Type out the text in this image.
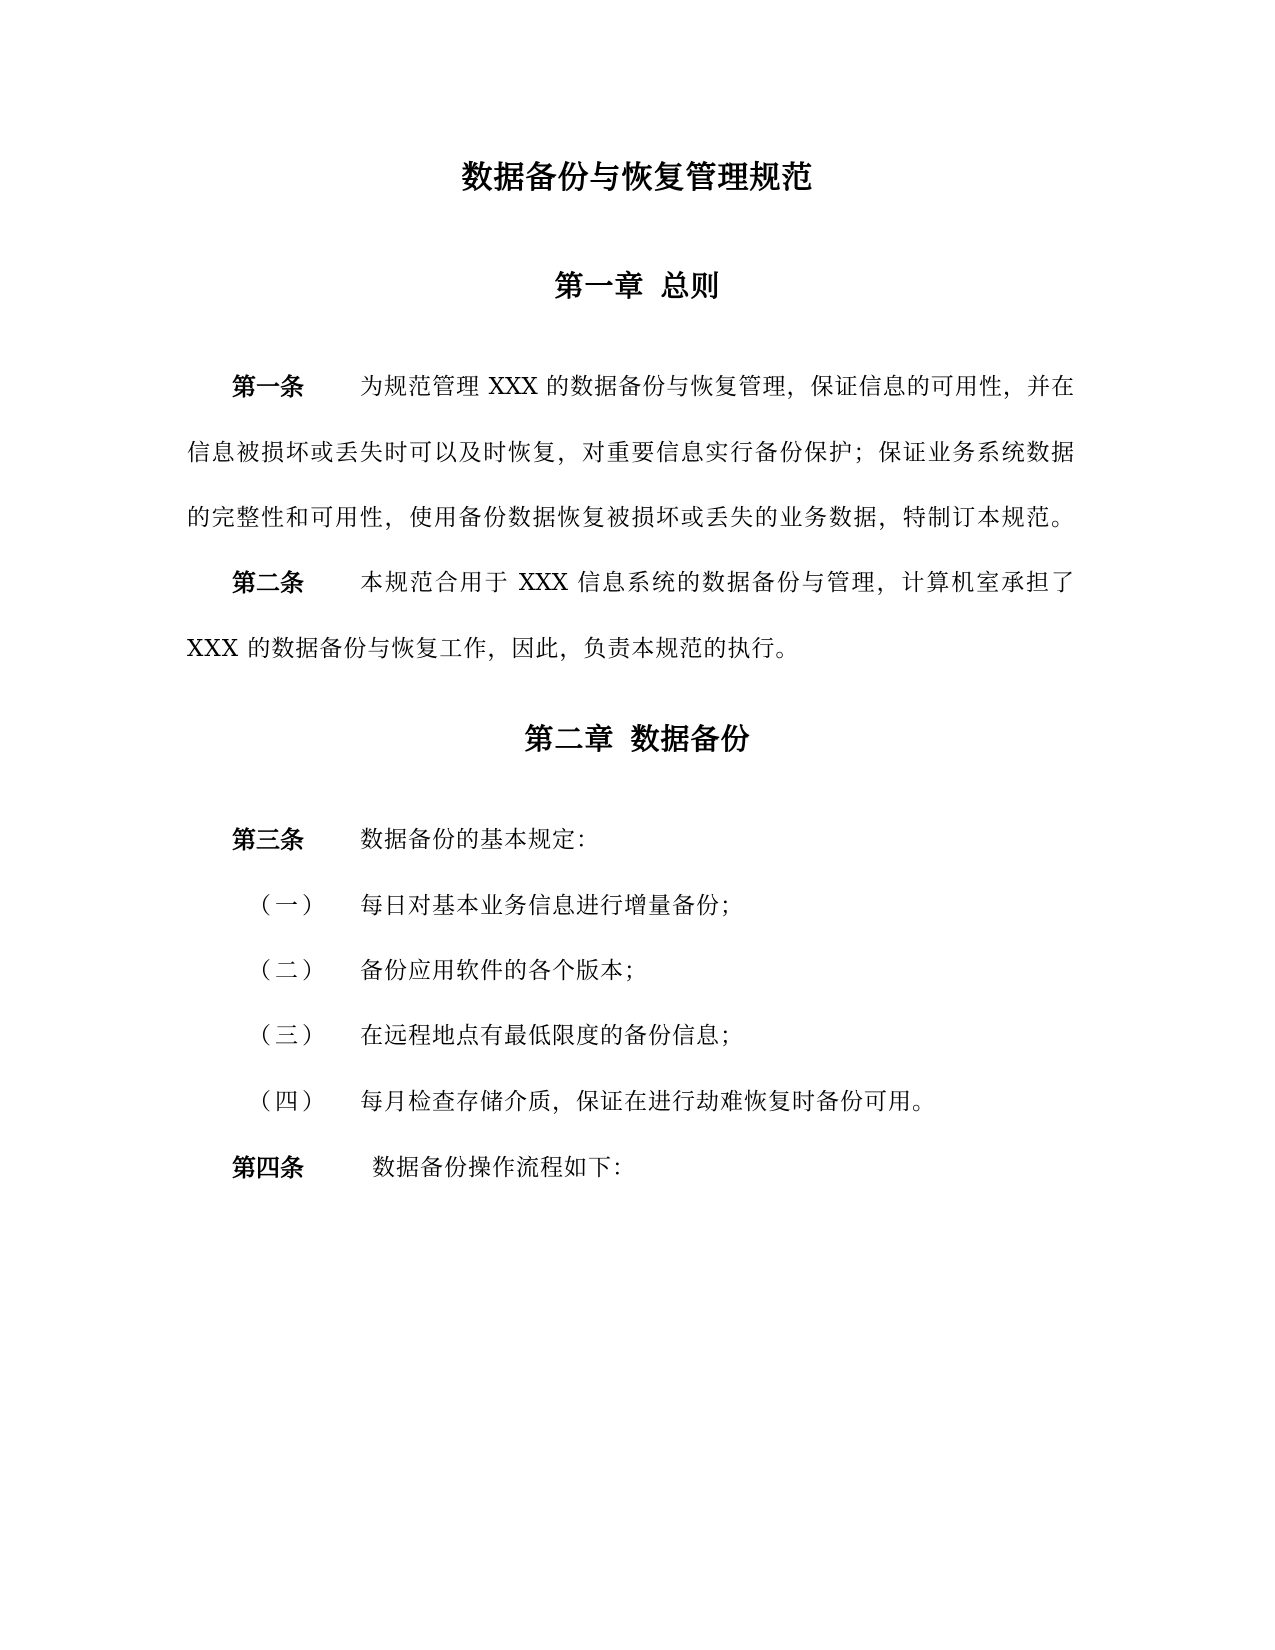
数据备份与恢复管理规范
第一章 总则
第一条 为规范管理 XXX 的数据备份与恢复管理，保证信息的可用性，并在
信息被损坏或丢失时可以及时恢复，对重要信息实行备份保护；保证业务系统数据
的完整性和可用性，使用备份数据恢复被损坏或丢失的业务数据，特制订本规范。
第二条 本规范合用于 XXX 信息系统的数据备份与管理，计算机室承担了
XXX 的数据备份与恢复工作，因此，负责本规范的执行。
第二章 数据备份
第三条 数据备份的基本规定：
（一） 每日对基本业务信息进行增量备份；
（二） 备份应用软件的各个版本；
（三） 在远程地点有最低限度的备份信息；
（四） 每月检查存储介质，保证在进行劫难恢复时备份可用。
第四条	数据备份操作流程如下：
